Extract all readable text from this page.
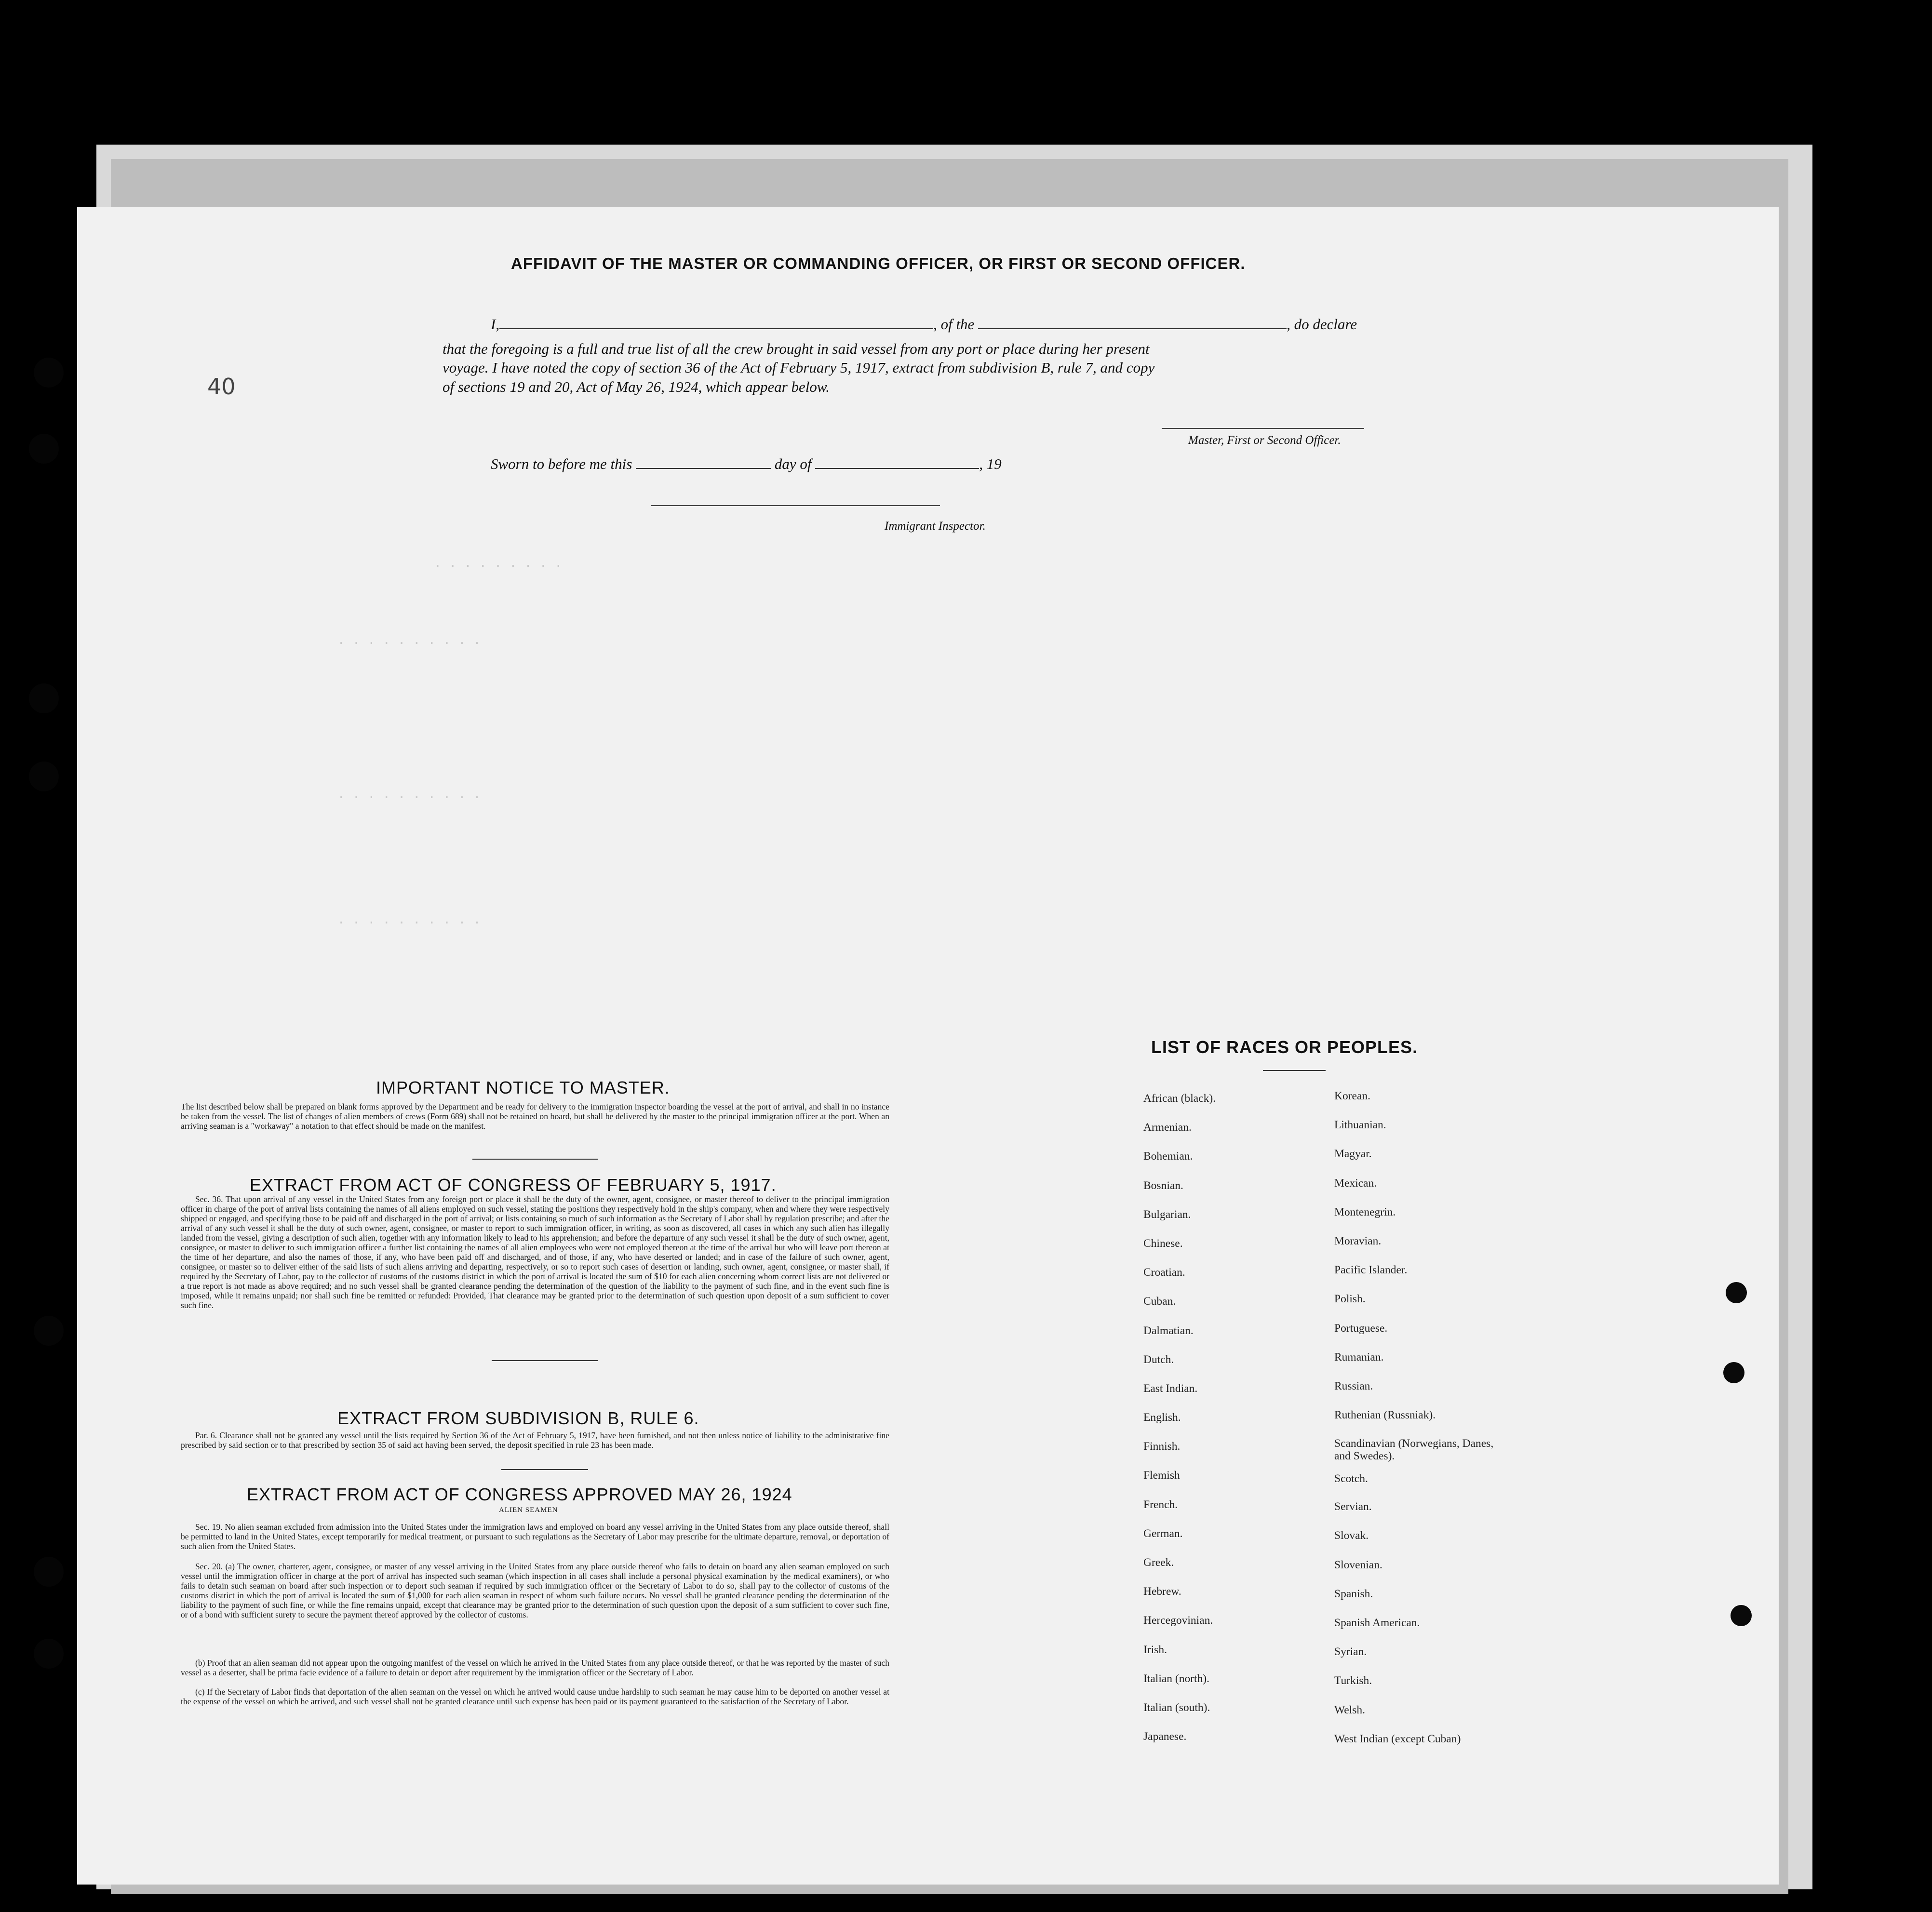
40
· · · · · · · · ·
· · · · · · · · · ·
· · · · · · · · · ·
· · · · · · · · · ·
AFFIDAVIT OF THE MASTER OR COMMANDING OFFICER, OR FIRST OR SECOND OFFICER.
I,	, of the	, do declare
that the foregoing is a full and true list of all the crew brought in said vessel from any port or place during her present
voyage. I have noted the copy of section 36 of the Act of February 5, 1917, extract from subdivision B, rule 7, and copy
of sections 19 and 20, Act of May 26, 1924, which appear below.
Master, First or Second Officer.
Sworn to before me this	day of	, 19
Immigrant Inspector.
IMPORTANT NOTICE TO MASTER.
The list described below shall be prepared on blank forms approved by the Department and be ready for delivery to the immigration inspector boarding the vessel at the port of arrival, and shall in no instance be taken from the vessel. The list of changes of alien members of crews (Form 689) shall not be retained on board, but shall be delivered by the master to the principal immigration officer at the port. When an arriving seaman is a "workaway" a notation to that effect should be made on the manifest.
EXTRACT FROM ACT OF CONGRESS OF FEBRUARY 5, 1917.
Sec. 36. That upon arrival of any vessel in the United States from any foreign port or place it shall be the duty of the owner, agent, consignee, or master thereof to deliver to the principal immigration officer in charge of the port of arrival lists containing the names of all aliens employed on such vessel, stating the positions they respectively hold in the ship's company, when and where they were respectively shipped or engaged, and specifying those to be paid off and discharged in the port of arrival; or lists containing so much of such information as the Secretary of Labor shall by regulation prescribe; and after the arrival of any such vessel it shall be the duty of such owner, agent, consignee, or master to report to such immigration officer, in writing, as soon as discovered, all cases in which any such alien has illegally landed from the vessel, giving a description of such alien, together with any information likely to lead to his apprehension; and before the departure of any such vessel it shall be the duty of such owner, agent, consignee, or master to deliver to such immigration officer a further list containing the names of all alien employees who were not employed thereon at the time of the arrival but who will leave port thereon at the time of her departure, and also the names of those, if any, who have been paid off and discharged, and of those, if any, who have deserted or landed; and in case of the failure of such owner, agent, consignee, or master so to deliver either of the said lists of such aliens arriving and departing, respectively, or so to report such cases of desertion or landing, such owner, agent, consignee, or master shall, if required by the Secretary of Labor, pay to the collector of customs of the customs district in which the port of arrival is located the sum of $10 for each alien concerning whom correct lists are not delivered or a true report is not made as above required; and no such vessel shall be granted clearance pending the determination of the question of the liability to the payment of such fine, and in the event such fine is imposed, while it remains unpaid; nor shall such fine be remitted or refunded: Provided, That clearance may be granted prior to the determination of such question upon deposit of a sum sufficient to cover such fine.
EXTRACT FROM SUBDIVISION B, RULE 6.
Par. 6. Clearance shall not be granted any vessel until the lists required by Section 36 of the Act of February 5, 1917, have been furnished, and not then unless notice of liability to the administrative fine prescribed by said section or to that prescribed by section 35 of said act having been served, the deposit specified in rule 23 has been made.
EXTRACT FROM ACT OF CONGRESS APPROVED MAY 26, 1924
ALIEN SEAMEN
Sec. 19. No alien seaman excluded from admission into the United States under the immigration laws and employed on board any vessel arriving in the United States from any place outside thereof, shall be permitted to land in the United States, except temporarily for medical treatment, or pursuant to such regulations as the Secretary of Labor may prescribe for the ultimate departure, removal, or deportation of such alien from the United States.
Sec. 20. (a) The owner, charterer, agent, consignee, or master of any vessel arriving in the United States from any place outside thereof who fails to detain on board any alien seaman employed on such vessel until the immigration officer in charge at the port of arrival has inspected such seaman (which inspection in all cases shall include a personal physical examination by the medical examiners), or who fails to detain such seaman on board after such inspection or to deport such seaman if required by such immigration officer or the Secretary of Labor to do so, shall pay to the collector of customs of the customs district in which the port of arrival is located the sum of $1,000 for each alien seaman in respect of whom such failure occurs. No vessel shall be granted clearance pending the determination of the liability to the payment of such fine, or while the fine remains unpaid, except that clearance may be granted prior to the determination of such question upon the deposit of a sum sufficient to cover such fine, or of a bond with sufficient surety to secure the payment thereof approved by the collector of customs.
(b) Proof that an alien seaman did not appear upon the outgoing manifest of the vessel on which he arrived in the United States from any place outside thereof, or that he was reported by the master of such vessel as a deserter, shall be prima facie evidence of a failure to detain or deport after requirement by the immigration officer or the Secretary of Labor.
(c) If the Secretary of Labor finds that deportation of the alien seaman on the vessel on which he arrived would cause undue hardship to such seaman he may cause him to be deported on another vessel at the expense of the vessel on which he arrived, and such vessel shall not be granted clearance until such expense has been paid or its payment guaranteed to the satisfaction of the Secretary of Labor.
LIST OF RACES OR PEOPLES.
African (black).
Armenian.
Bohemian.
Bosnian.
Bulgarian.
Chinese.
Croatian.
Cuban.
Dalmatian.
Dutch.
East Indian.
English.
Finnish.
Flemish
French.
German.
Greek.
Hebrew.
Hercegovinian.
Irish.
Italian (north).
Italian (south).
Japanese.
Korean.
Lithuanian.
Magyar.
Mexican.
Montenegrin.
Moravian.
Pacific Islander.
Polish.
Portuguese.
Rumanian.
Russian.
Ruthenian (Russniak).
Scandinavian (Norwegians, Danes, and Swedes).
Scotch.
Servian.
Slovak.
Slovenian.
Spanish.
Spanish American.
Syrian.
Turkish.
Welsh.
West Indian (except Cuban)
